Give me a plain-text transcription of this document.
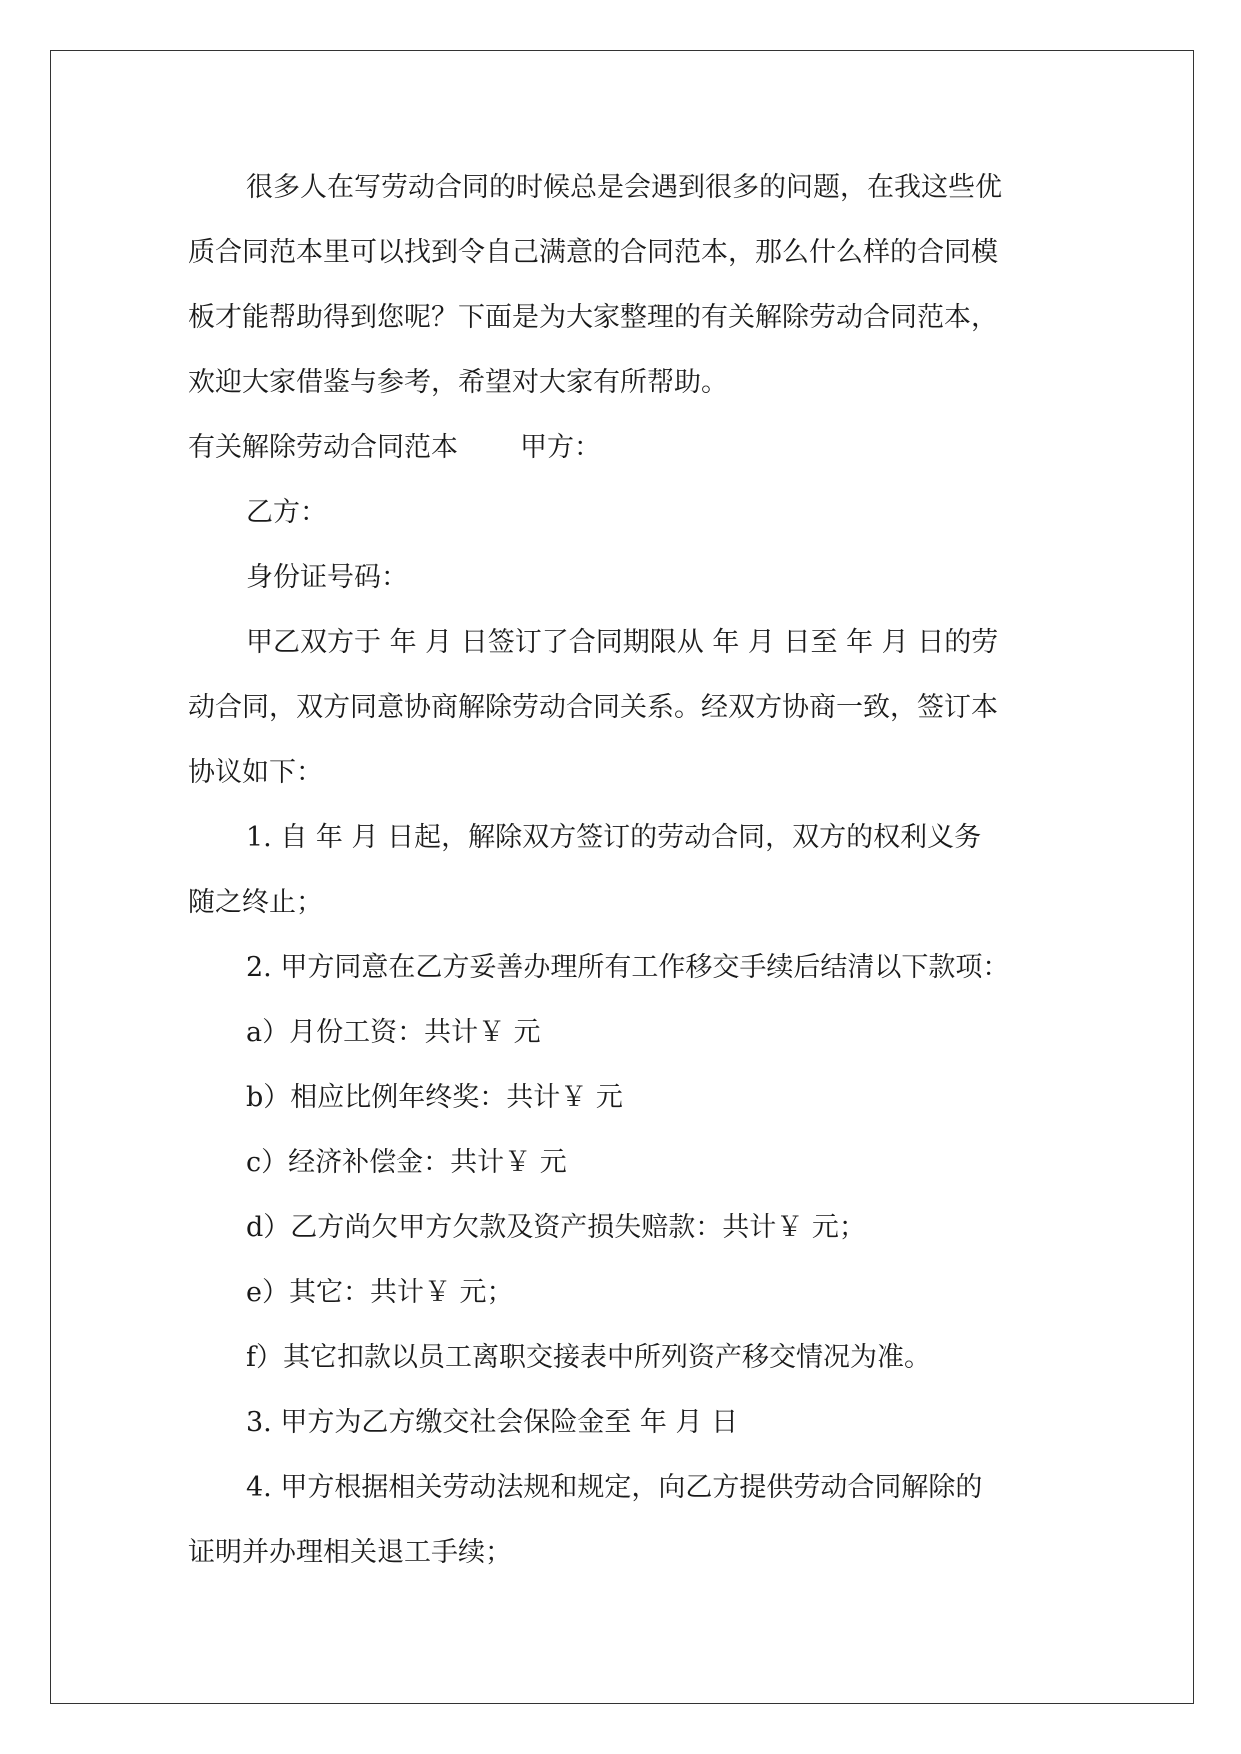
很多人在写劳动合同的时候总是会遇到很多的问题，在我这些优

质合同范本里可以找到令自己满意的合同范本，那么什么样的合同模

板才能帮助得到您呢？下面是为大家整理的有关解除劳动合同范本，

欢迎大家借鉴与参考，希望对大家有所帮助。

有关解除劳动合同范本 甲方：

乙方：

身份证号码：

甲乙双方于 年 月 日签订了合同期限从 年 月 日至 年 月 日的劳

动合同，双方同意协商解除劳动合同关系。经双方协商一致，签订本

协议如下：

1. 自 年 月 日起，解除双方签订的劳动合同，双方的权利义务

随之终止；

2. 甲方同意在乙方妥善办理所有工作移交手续后结清以下款项：

a）月份工资：共计￥ 元

b）相应比例年终奖：共计￥ 元

c）经济补偿金：共计￥ 元

d）乙方尚欠甲方欠款及资产损失赔款：共计￥ 元；

e）其它：共计￥ 元；

f）其它扣款以员工离职交接表中所列资产移交情况为准。

3. 甲方为乙方缴交社会保险金至 年 月 日

4. 甲方根据相关劳动法规和规定，向乙方提供劳动合同解除的

证明并办理相关退工手续；
